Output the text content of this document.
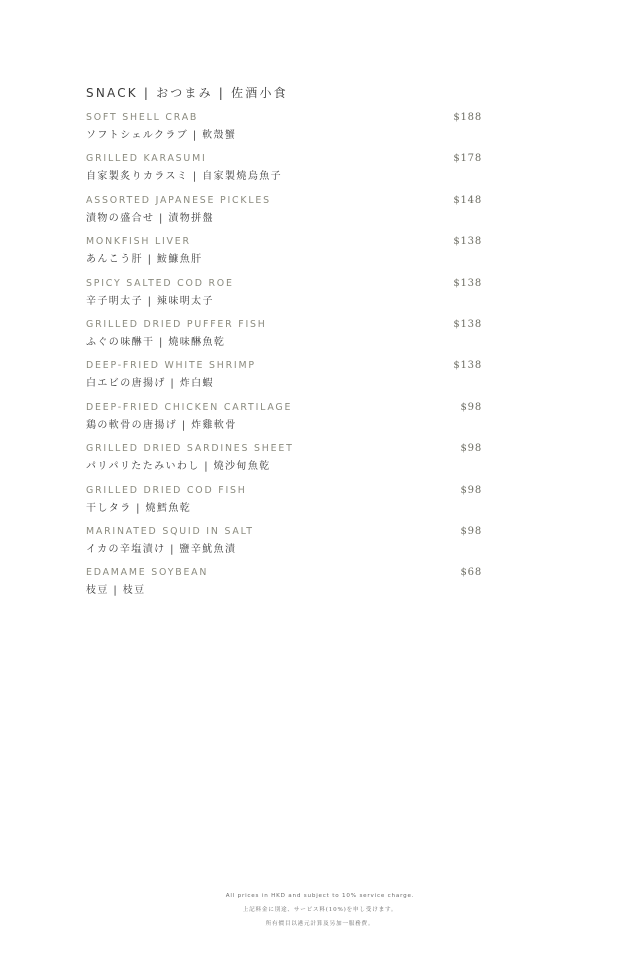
SNACK | おつまみ | 佐酒小食
SOFT SHELL CRAB	$188
ソフトシェルクラブ | 軟殼蟹
GRILLED KARASUMI	$178
自家製炙りカラスミ | 自家製燒烏魚子
ASSORTED JAPANESE PICKLES	$148
漬物の盛合せ | 漬物拼盤
MONKFISH LIVER	$138
あんこう肝 | 鮟鱇魚肝
SPICY SALTED COD ROE	$138
辛子明太子 | 辣味明太子
GRILLED DRIED PUFFER FISH	$138
ふぐの味醂干 | 燒味醂魚乾
DEEP-FRIED WHITE SHRIMP	$138
白エビの唐揚げ | 炸白蝦
DEEP-FRIED CHICKEN CARTILAGE	$98
鶏の軟骨の唐揚げ | 炸雞軟骨
GRILLED DRIED SARDINES SHEET	$98
パリパリたたみいわし | 燒沙甸魚乾
GRILLED DRIED COD FISH	$98
干しタラ | 燒鱈魚乾
MARINATED SQUID IN SALT	$98
イカの辛塩漬け | 鹽辛魷魚漬
EDAMAME SOYBEAN	$68
枝豆 | 枝豆
All prices in HKD and subject to 10% service charge.
上記料金に別途、サービス料(10%)を申し受けます。
所有價目以港元計算及另加一服務費。
